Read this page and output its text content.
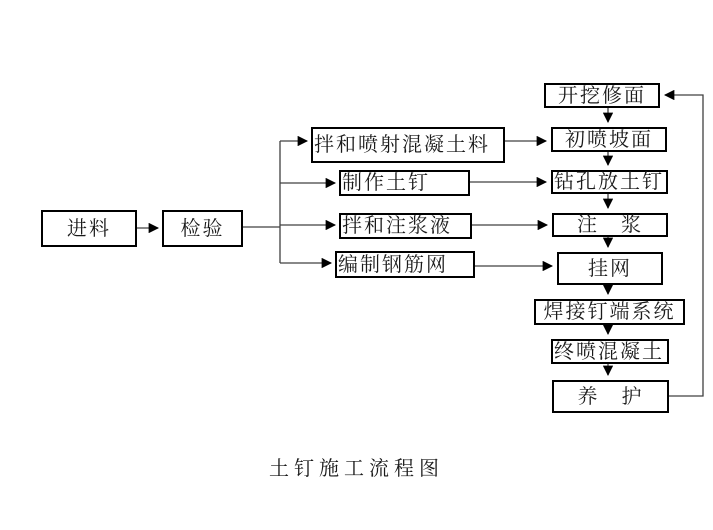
进料	检验
拌和喷射混凝土料
制作土钉
拌和注浆液
编制钢筋网
开挖修面
初喷坡面
钻孔放土钉
注　浆
挂网
焊接钉端系统
终喷混凝土
养　护
土钉施工流程图
